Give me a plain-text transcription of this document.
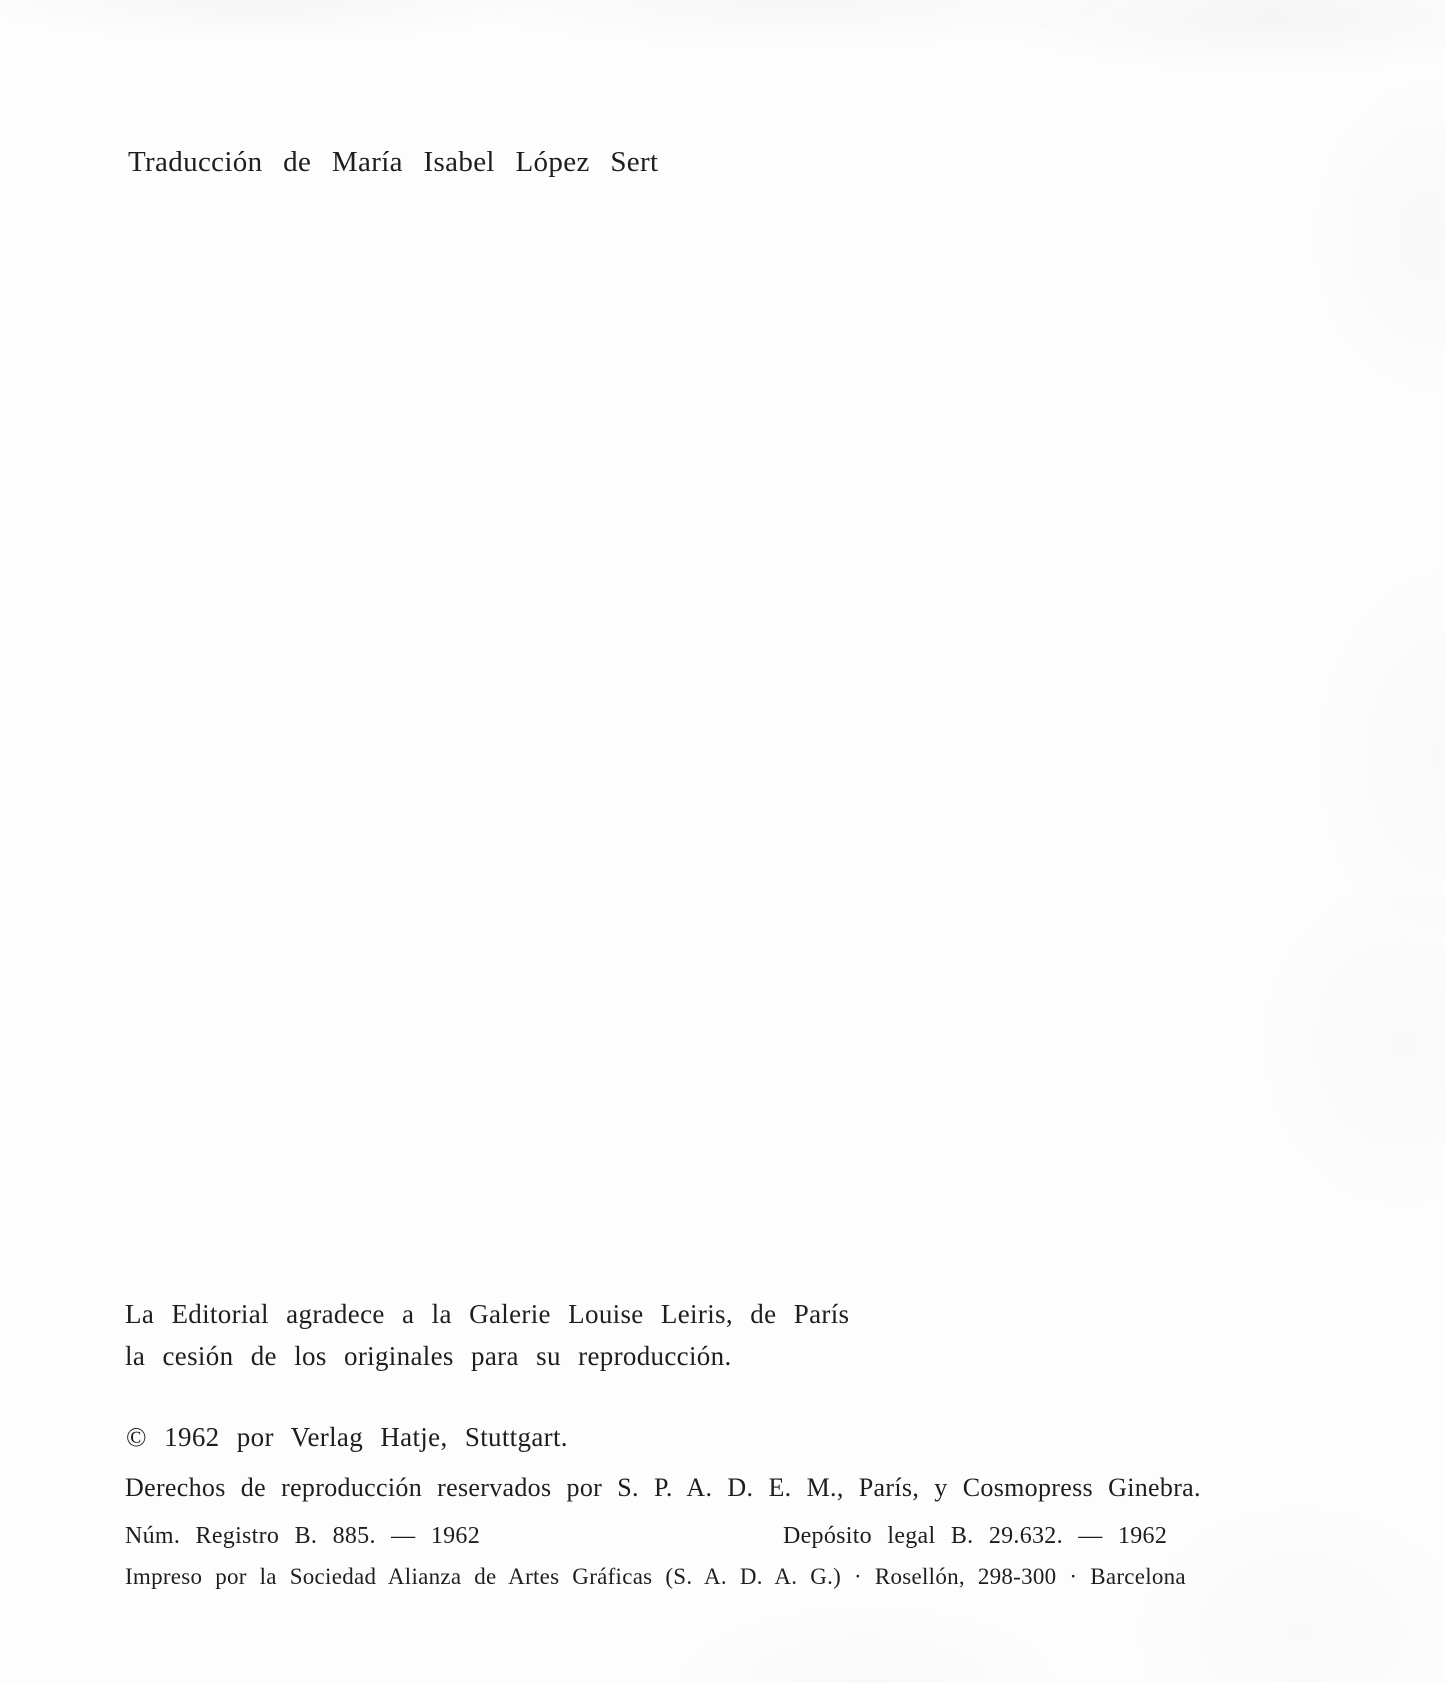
Traducción de María Isabel López Sert
La Editorial agradece a la Galerie Louise Leiris, de París
la cesión de los originales para su reproducción.
© 1962 por Verlag Hatje, Stuttgart.
Derechos de reproducción reservados por S. P. A. D. E. M., París, y Cosmopress Ginebra.
Núm. Registro B. 885. — 1962	Depósito legal B. 29.632. — 1962
Impreso por la Sociedad Alianza de Artes Gráficas (S. A. D. A. G.) · Rosellón, 298-300 · Barcelona
